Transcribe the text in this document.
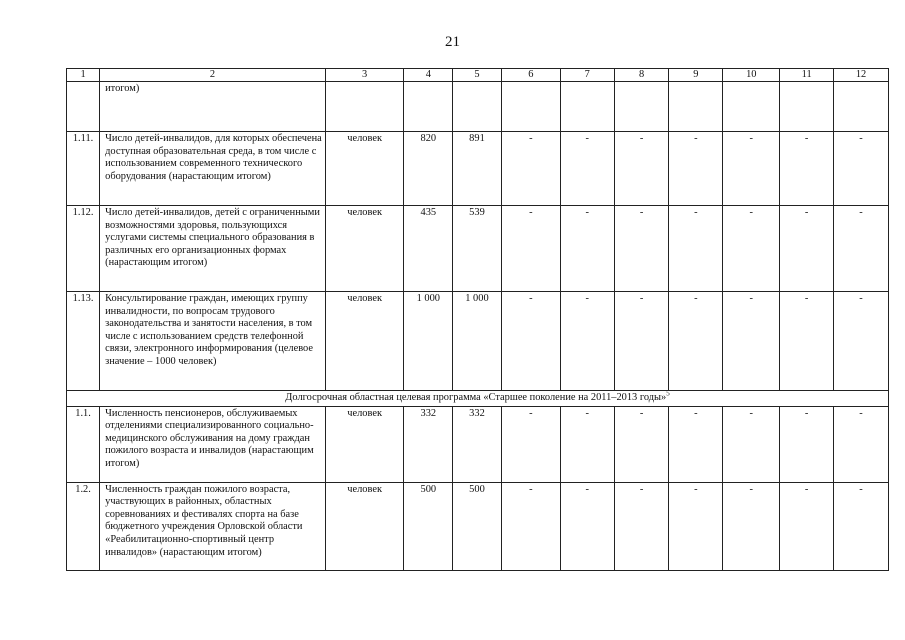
21
1	2	3	4	5	6	7	8	9	10	11	12
	итогом)										
1.11.	Число детей-инвалидов, для которых обеспечена доступная образовательная среда, в том числе с использованием современного технического оборудования (нарастающим итогом)	человек	820	891	-	-	-	-	-	-	-
1.12.	Число детей-инвалидов, детей с ограниченными возможностями здоровья, пользующихся услугами системы специального образования в различных его организационных формах (нарастающим итогом)	человек	435	539	-	-	-	-	-	-	-
1.13.	Консультирование граждан, имеющих группу инвалидности, по вопросам трудового законодательства и занятости населения, в том числе с использованием средств телефонной связи, электронного информирования (целевое значение – 1000 человек)	человек	1 000	1 000	-	-	-	-	-	-	-
Долгосрочная областная целевая программа «Старшее поколение на 2011–2013 годы»$^5$
1.1.	Численность пенсионеров, обслуживаемых отделениями специализированного социально-медицинского обслуживания на дому граждан пожилого возраста и инвалидов (нарастающим итогом)	человек	332	332	-	-	-	-	-	-	-
1.2.	Численность граждан пожилого возраста, участвующих в районных, областных соревнованиях и фестивалях спорта на базе бюджетного учреждения Орловской области «Реабилитационно-спортивный центр инвалидов» (нарастающим итогом)	человек	500	500	-	-	-	-	-	-	-
